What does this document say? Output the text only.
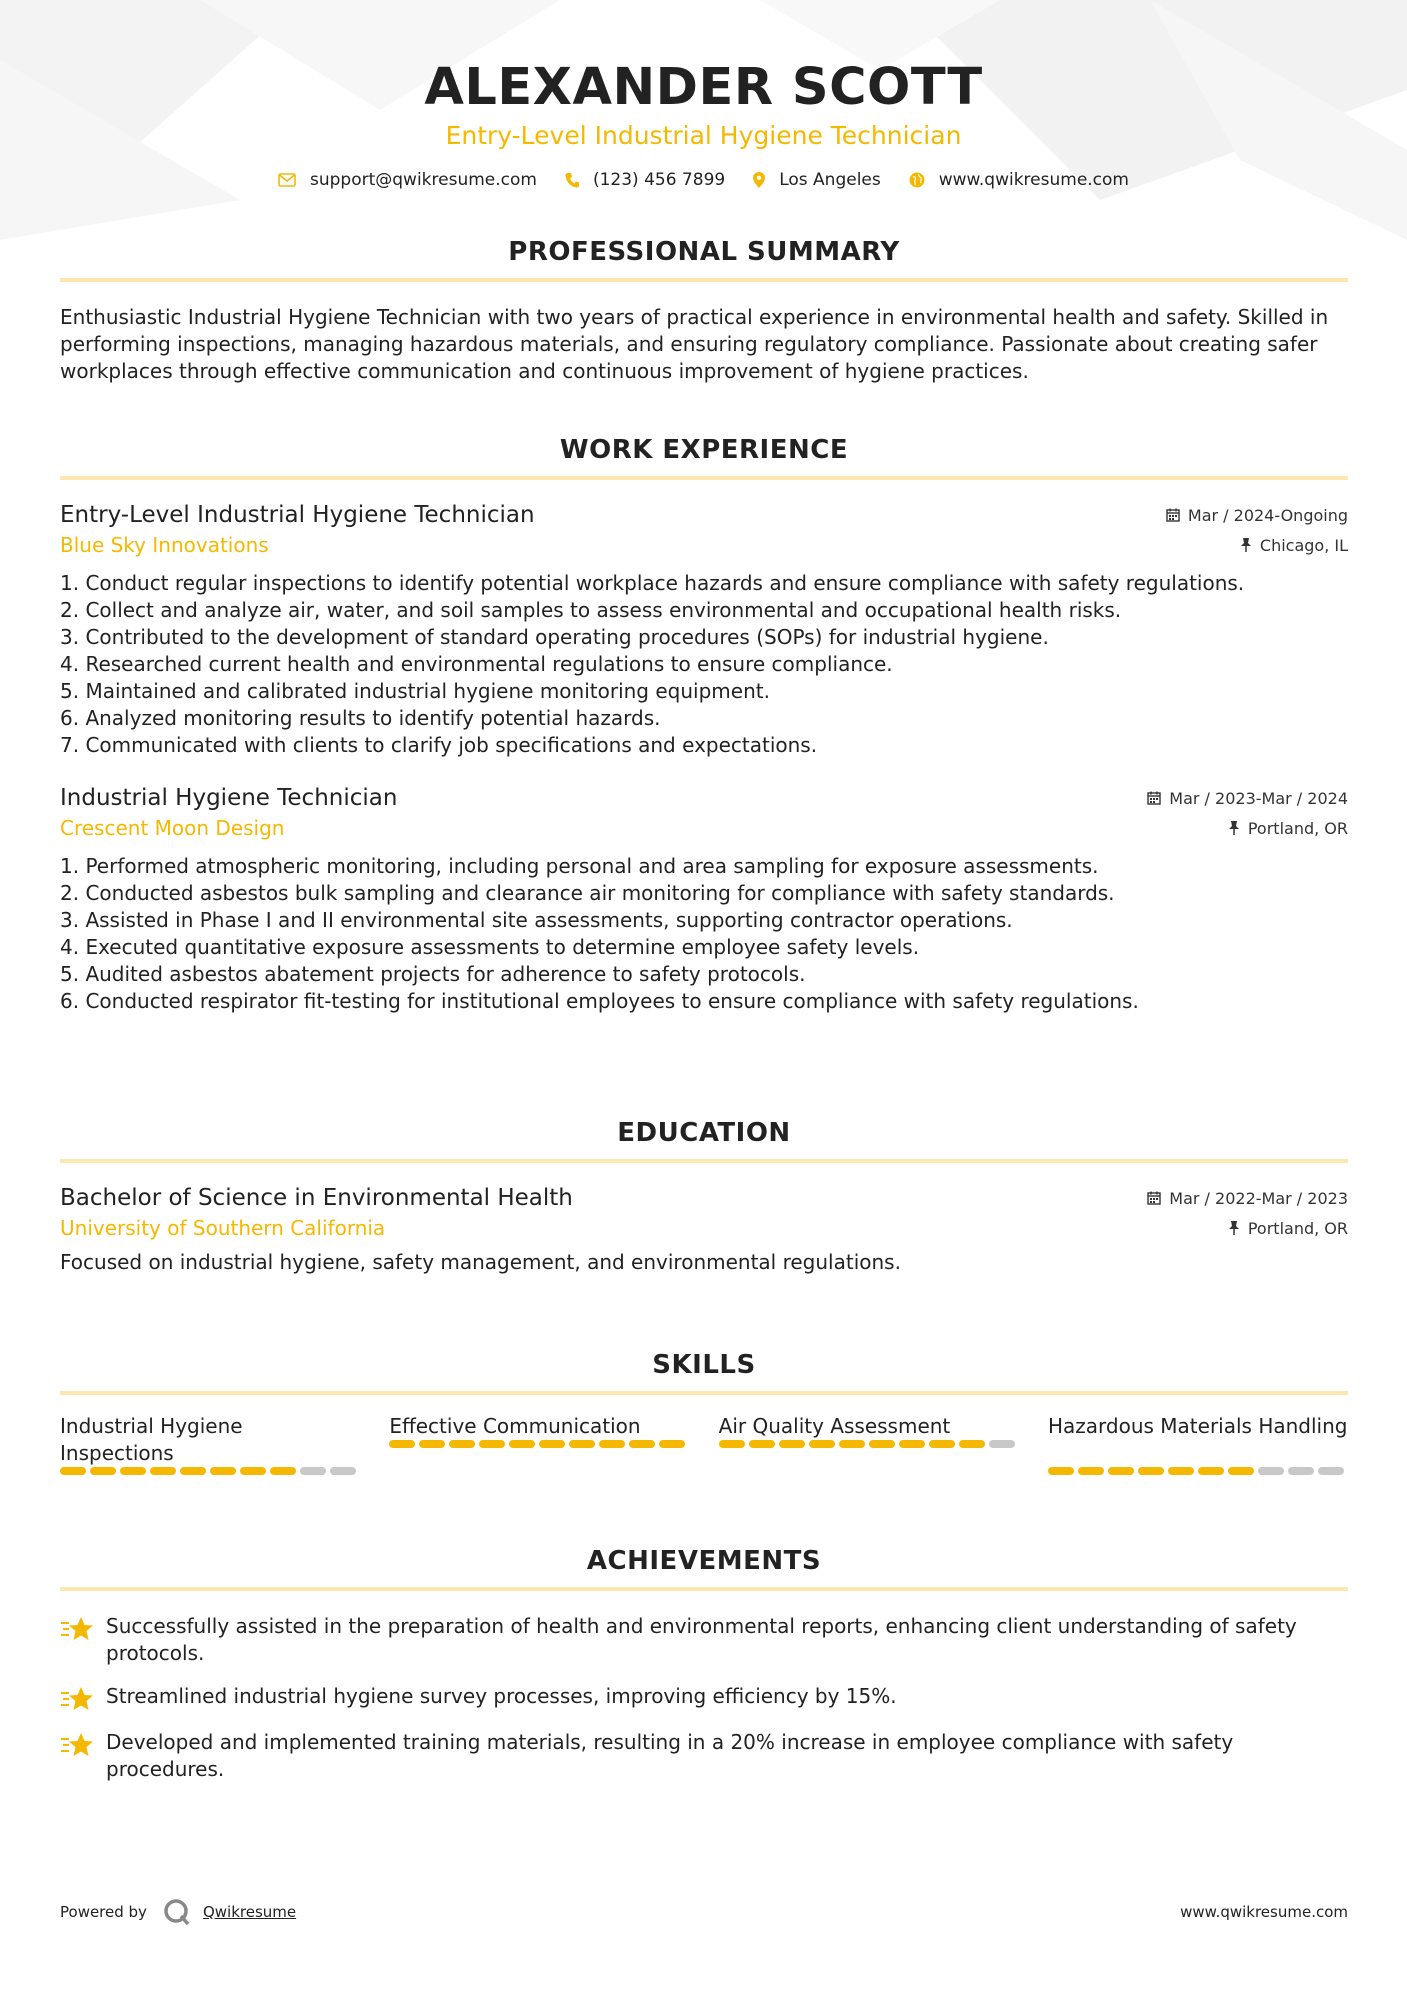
ALEXANDER SCOTT
Entry-Level Industrial Hygiene Technician
support@qwikresume.com	(123) 456 7899	Los Angeles	www.qwikresume.com
PROFESSIONAL SUMMARY
Enthusiastic Industrial Hygiene Technician with two years of practical experience in environmental health and safety. Skilled in performing inspections, managing hazardous materials, and ensuring regulatory compliance. Passionate about creating safer workplaces through effective communication and continuous improvement of hygiene practices.
WORK EXPERIENCE
Entry-Level Industrial Hygiene Technician	Mar / 2024-Ongoing
Blue Sky Innovations	Chicago, IL
1. Conduct regular inspections to identify potential workplace hazards and ensure compliance with safety regulations.
2. Collect and analyze air, water, and soil samples to assess environmental and occupational health risks.
3. Contributed to the development of standard operating procedures (SOPs) for industrial hygiene.
4. Researched current health and environmental regulations to ensure compliance.
5. Maintained and calibrated industrial hygiene monitoring equipment.
6. Analyzed monitoring results to identify potential hazards.
7. Communicated with clients to clarify job specifications and expectations.
Industrial Hygiene Technician	Mar / 2023-Mar / 2024
Crescent Moon Design	Portland, OR
1. Performed atmospheric monitoring, including personal and area sampling for exposure assessments.
2. Conducted asbestos bulk sampling and clearance air monitoring for compliance with safety standards.
3. Assisted in Phase I and II environmental site assessments, supporting contractor operations.
4. Executed quantitative exposure assessments to determine employee safety levels.
5. Audited asbestos abatement projects for adherence to safety protocols.
6. Conducted respirator fit-testing for institutional employees to ensure compliance with safety regulations.
EDUCATION
Bachelor of Science in Environmental Health	Mar / 2022-Mar / 2023
University of Southern California	Portland, OR
Focused on industrial hygiene, safety management, and environmental regulations.
SKILLS
Industrial Hygiene Inspections
Effective Communication	Air Quality Assessment	Hazardous Materials Handling
ACHIEVEMENTS
Successfully assisted in the preparation of health and environmental reports, enhancing client understanding of safety protocols.
Streamlined industrial hygiene survey processes, improving efficiency by 15%.
Developed and implemented training materials, resulting in a 20% increase in employee compliance with safety procedures.
Powered by	Qwikresume	www.qwikresume.com
